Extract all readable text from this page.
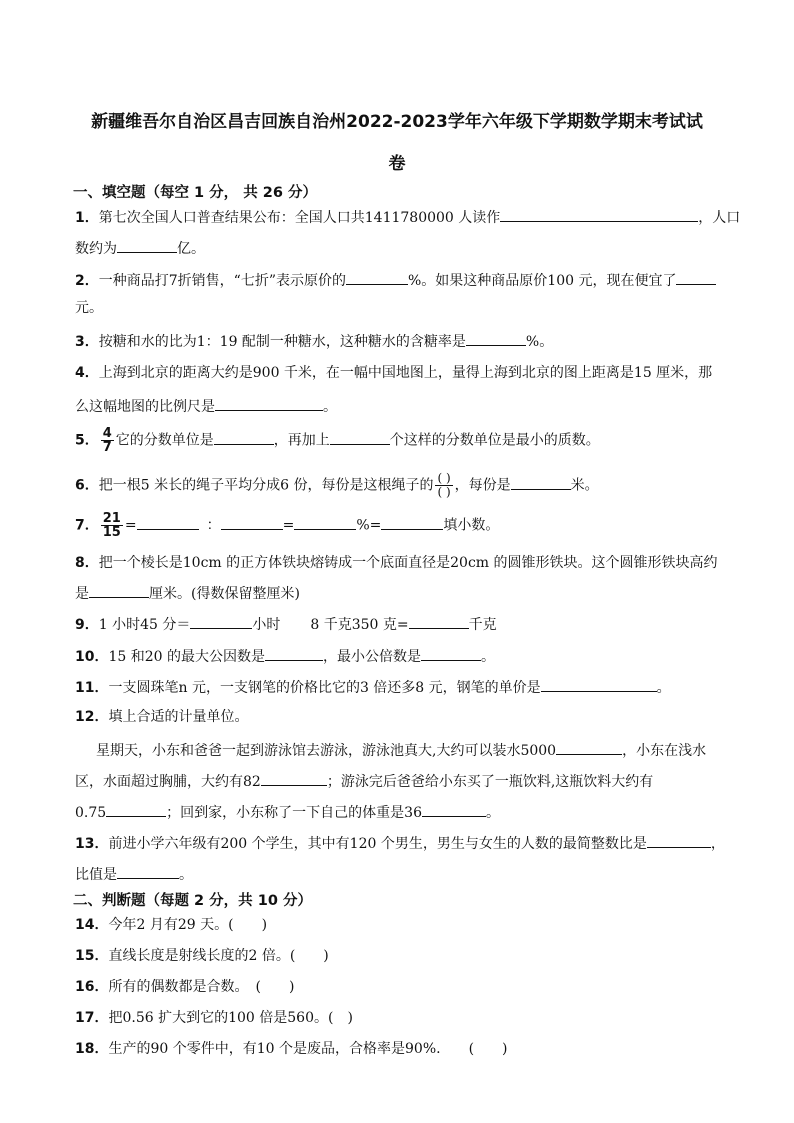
新疆维吾尔自治区昌吉回族自治州2022-2023学年六年级下学期数学期末考试试
卷
一、填空题（每空 1 分， 共 26 分）
1．第七次全国人口普查结果公布：全国人口共1411780000 人读作	，人口
数约为	亿。
2．一种商品打7折销售，“七折”表示原价的	%。如果这种商品原价100 元，现在便宜了
元。
3．按糖和水的比为1：19 配制一种糖水，这种糖水的含糖率是	%。
4．上海到北京的距离大约是900 千米，在一幅中国地图上，量得上海到北京的图上距离是15 厘米，那
么这幅地图的比例尺是	。
5． $\frac{4}{7}$ 它的分数单位是	，再加上	个这样的分数单位是最小的质数。
6．把一根5 米长的绳子平均分成6 份，每份是这根绳子的 $\frac{( )}{( )}$ ，每份是	米。
7． $\frac{21}{15}$ =	：	=	%=	填小数。
8．把一个棱长是10cm 的正方体铁块熔铸成一个底面直径是20cm 的圆锥形铁块。这个圆锥形铁块高约
是	厘米。(得数保留整厘米)
9．1 小时45 分＝	小时 8 千克350 克=	千克
10．15 和20 的最大公因数是	，最小公倍数是	。
11．一支圆珠笔n 元，一支钢笔的价格比它的3 倍还多8 元，钢笔的单价是	。
12．填上合适的计量单位。
星期天，小东和爸爸一起到游泳馆去游泳，游泳池真大,大约可以装水5000	，小东在浅水
区，水面超过胸脯，大约有82	；游泳完后爸爸给小东买了一瓶饮料,这瓶饮料大约有
0.75	；回到家，小东称了一下自己的体重是36	。
13．前进小学六年级有200 个学生，其中有120 个男生，男生与女生的人数的最简整数比是	，
比值是	。
二、判断题（每题 2 分，共 10 分）
14．今年2 月有29 天。(　　)
15．直线长度是射线长度的2 倍。(　　)
16．所有的偶数都是合数。　(　　)
17．把0.56 扩大到它的100 倍是560。(　)
18．生产的90 个零件中，有10 个是废品，合格率是90%.　　(　　)
